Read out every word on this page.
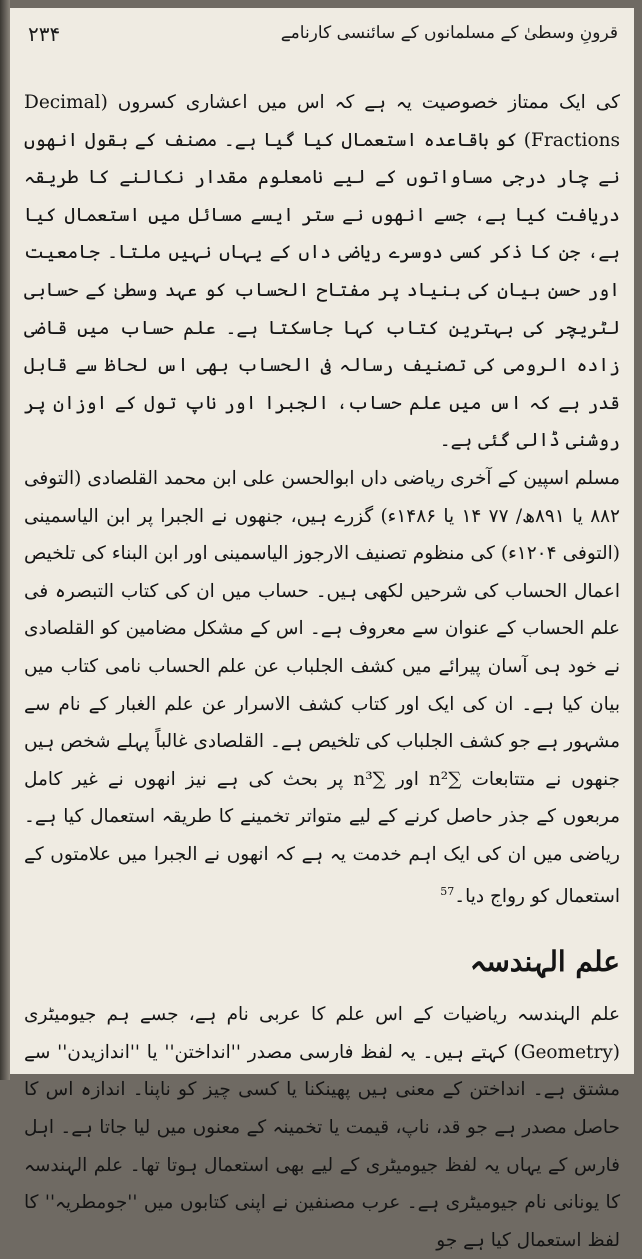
۲۳۴	قرونِ وسطیٰ کے مسلمانوں کے سائنسی کارنامے

کی ایک ممتاز خصوصیت یہ ہے کہ اس میں اعشاری کسروں (Decimal Fractions) کو باقاعدہ استعمال کیا گیا ہے۔ مصنف کے بقول انھوں نے چار درجی مساواتوں کے لیے نامعلوم مقدار نکالنے کا طریقہ دریافت کیا ہے، جسے انھوں نے ستر ایسے مسائل میں استعمال کیا ہے، جن کا ذکر کسی دوسرے ریاضی داں کے یہاں نہیں ملتا۔ جامعیت اور حسن بیان کی بنیاد پر مفتاح الحساب کو عہد وسطیٰ کے حسابی لٹریچر کی بہترین کتاب کہا جاسکتا ہے۔ علم حساب میں قاضی زادہ الرومی کی تصنیف رسالہ فی الحساب بھی اس لحاظ سے قابل قدر ہے کہ اس میں علم حساب، الجبرا اور ناپ تول کے اوزان پر روشنی ڈالی گئی ہے۔

مسلم اسپین کے آخری ریاضی داں ابوالحسن علی ابن محمد القلصادی (التوفی ۸۸۲ یا ۸۹۱ھ/ ۷۷ ۱۴ یا ۱۴۸۶ء) گزرے ہیں، جنھوں نے الجبرا پر ابن الیاسمینی (التوفی ۱۲۰۴ء) کی منظوم تصنیف الارجوز الیاسمینی اور ابن البناء کی تلخیص اعمال الحساب کی شرحیں لکھی ہیں۔ حساب میں ان کی کتاب التبصرہ فی علم الحساب کے عنوان سے معروف ہے۔ اس کے مشکل مضامین کو القلصادی نے خود ہی آسان پیرائے میں کشف الجلباب عن علم الحساب نامی کتاب میں بیان کیا ہے۔ ان کی ایک اور کتاب کشف الاسرار عن علم الغبار کے نام سے مشہور ہے جو کشف الجلباب کی تلخیص ہے۔ القلصادی غالباً پہلے شخص ہیں جنھوں نے متتابعات ∑n² اور ∑n³ پر بحث کی ہے نیز انھوں نے غیر کامل مربعوں کے جذر حاصل کرنے کے لیے متواتر تخمینے کا طریقہ استعمال کیا ہے۔ ریاضی میں ان کی ایک اہم خدمت یہ ہے کہ انھوں نے الجبرا میں علامتوں کے استعمال کو رواج دیا۔$^{57}$

علم الہندسہ

علم الہندسہ ریاضیات کے اس علم کا عربی نام ہے، جسے ہم جیومیٹری (Geometry) کہتے ہیں۔ یہ لفظ فارسی مصدر ''انداختن'' یا ''اندازیدن'' سے مشتق ہے۔ انداختن کے معنی ہیں پھینکنا یا کسی چیز کو ناپنا۔ اندازہ اس کا حاصل مصدر ہے جو قد، ناپ، قیمت یا تخمینہ کے معنوں میں لیا جاتا ہے۔ اہل فارس کے یہاں یہ لفظ جیومیٹری کے لیے بھی استعمال ہوتا تھا۔ علم الہندسہ کا یونانی نام جیومیٹری ہے۔ عرب مصنفین نے اپنی کتابوں میں ''جومطریہ'' کا لفظ استعمال کیا ہے جو
